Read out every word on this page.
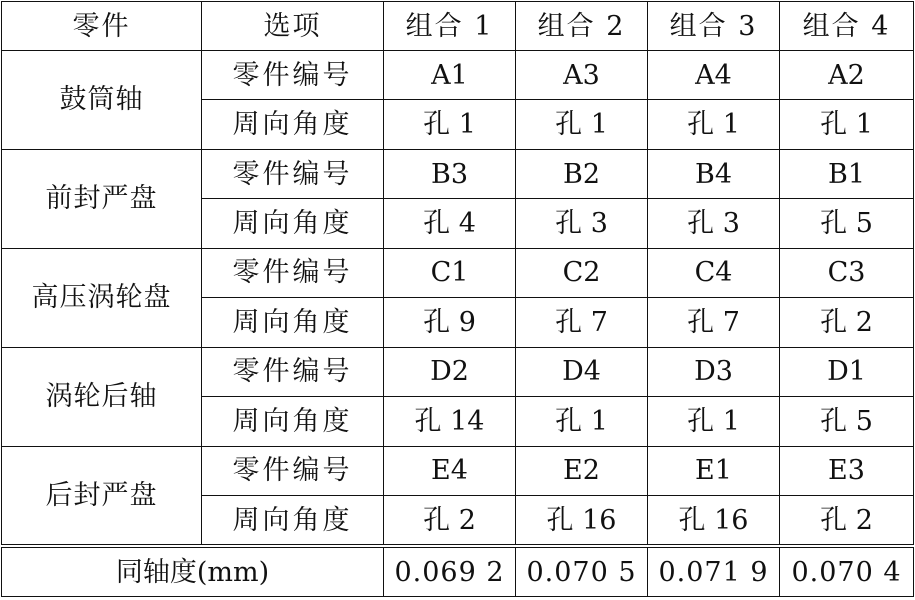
零件	选项	组合 1	组合 2	组合 3	组合 4
鼓筒轴	零件编号	A1	A3	A4	A2
	周向角度	孔 1	孔 1	孔 1	孔 1
前封严盘	零件编号	B3	B2	B4	B1
	周向角度	孔 4	孔 3	孔 3	孔 5
高压涡轮盘	零件编号	C1	C2	C4	C3
	周向角度	孔 9	孔 7	孔 7	孔 2
涡轮后轴	零件编号	D2	D4	D3	D1
	周向角度	孔 14	孔 1	孔 1	孔 5
后封严盘	零件编号	E4	E2	E1	E3
	周向角度	孔 2	孔 16	孔 16	孔 2
同轴度(mm)		0.069 2	0.070 5	0.071 9	0.070 4
